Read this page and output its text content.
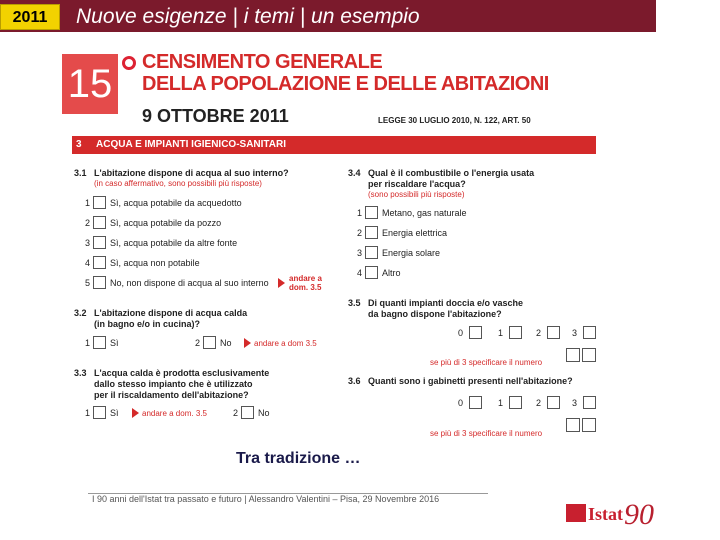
2011	Nuove esigenze | i temi | un esempio
15 ○ CENSIMENTO GENERALE
DELLA POPOLAZIONE E DELLE ABITAZIONI
9 OTTOBRE 2011	LEGGE 30 LUGLIO 2010, N. 122, ART. 50
3 ACQUA E IMPIANTI IGIENICO-SANITARI
3.1 L'abitazione dispone di acqua al suo interno?
(in caso affermativo, sono possibili più risposte)
1 Sì, acqua potabile da acquedotto
2 Sì, acqua potabile da pozzo
3 Sì, acqua potabile da altre fonte
4 Sì, acqua non potabile
5 No, non dispone di acqua al suo interno	andare a dom. 3.5
3.2 L'abitazione dispone di acqua calda
(in bagno e/o in cucina)?
1 Sì	2 No	andare a dom 3.5
3.3 L'acqua calda è prodotta esclusivamente
dallo stesso impianto che è utilizzato
per il riscaldamento dell'abitazione?
1 Sì	andare a dom. 3.5	2 No
3.4 Qual è il combustibile o l'energia usata
per riscaldare l'acqua?
(sono possibili più risposte)
1 Metano, gas naturale
2 Energia elettrica
3 Energia solare
4 Altro
3.5 Di quanti impianti doccia e/o vasche
da bagno dispone l'abitazione?
0	1	2	3
se più di 3 specificare il numero
3.6 Quanti sono i gabinetti presenti nell'abitazione?
0	1	2	3
se più di 3 specificare il numero
Tra tradizione …
I 90 anni dell'Istat tra passato e futuro | Alessandro Valentini – Pisa, 29 Novembre 2016
Istat 90
